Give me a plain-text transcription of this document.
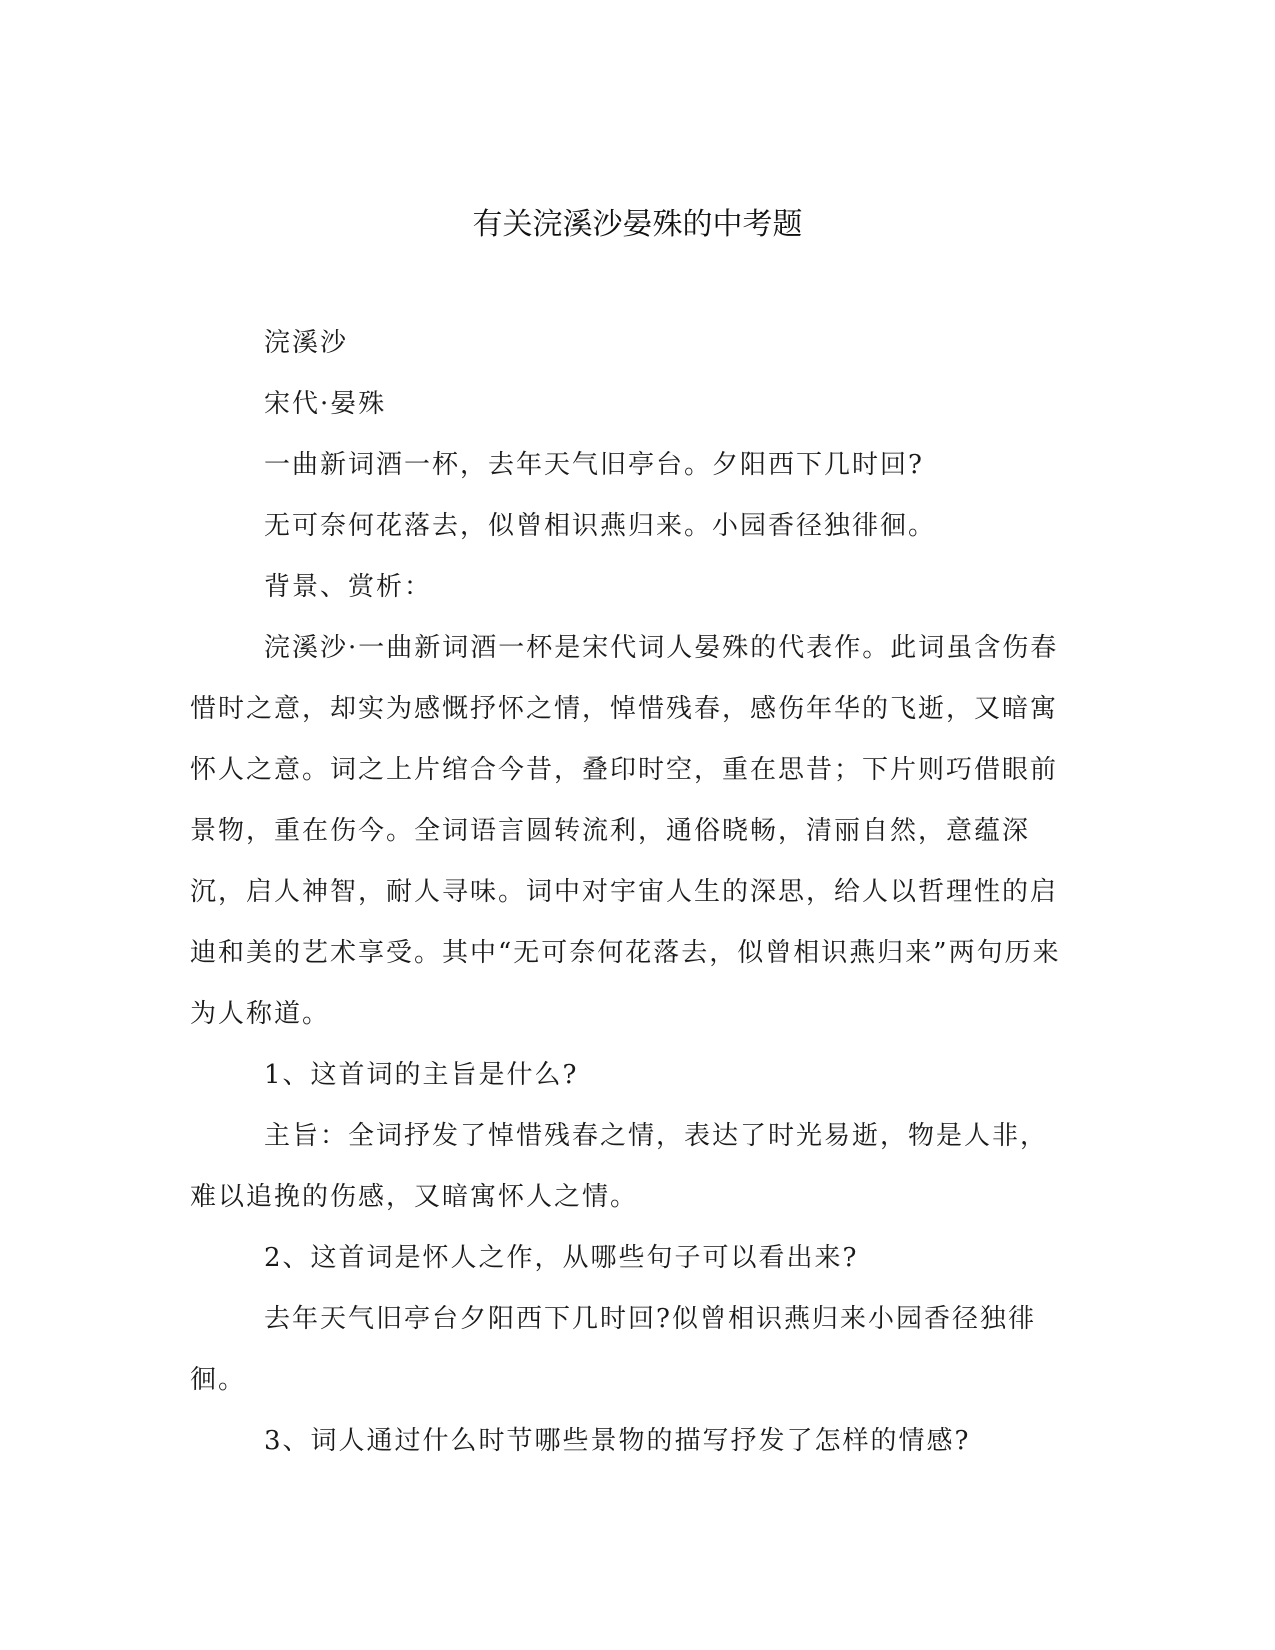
有关浣溪沙晏殊的中考题

浣溪沙

宋代·晏殊

一曲新词酒一杯，去年天气旧亭台。夕阳西下几时回?

无可奈何花落去，似曾相识燕归来。小园香径独徘徊。

背景、赏析：

浣溪沙·一曲新词酒一杯是宋代词人晏殊的代表作。此词虽含伤春惜时之意，却实为感慨抒怀之情，悼惜残春，感伤年华的飞逝，又暗寓怀人之意。词之上片绾合今昔，叠印时空，重在思昔；下片则巧借眼前景物，重在伤今。全词语言圆转流利，通俗晓畅，清丽自然，意蕴深沉，启人神智，耐人寻味。词中对宇宙人生的深思，给人以哲理性的启迪和美的艺术享受。其中“无可奈何花落去，似曾相识燕归来”两句历来为人称道。

1、这首词的主旨是什么?

主旨：全词抒发了悼惜残春之情，表达了时光易逝，物是人非，难以追挽的伤感，又暗寓怀人之情。

2、这首词是怀人之作，从哪些句子可以看出来?

去年天气旧亭台夕阳西下几时回?似曾相识燕归来小园香径独徘徊。

3、词人通过什么时节哪些景物的描写抒发了怎样的情感?
